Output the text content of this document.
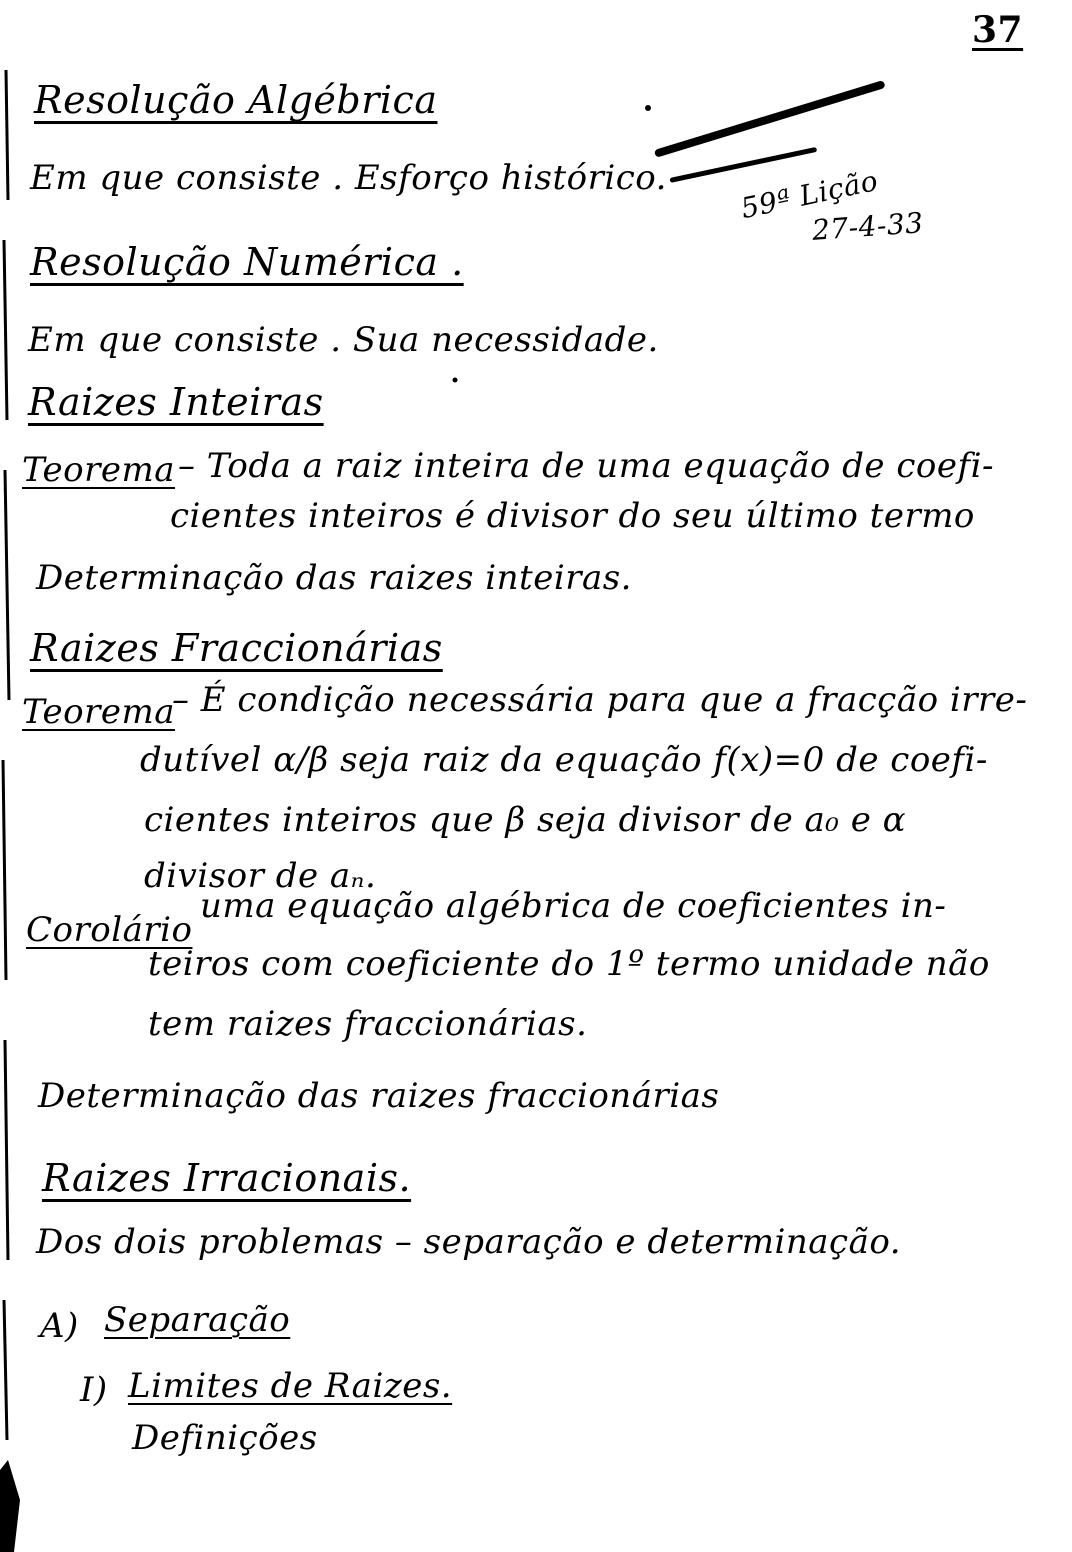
37
Resolução Algébrica
Em que consiste . Esforço histórico.	59ª Lição
27-4-33
Resolução Numérica .
Em que consiste . Sua necessidade.
Raizes Inteiras
Teorema – Toda a raiz inteira de uma equação de coefi-
cientes inteiros é divisor do seu último termo
Determinação das raizes inteiras.
Raizes Fraccionárias
Teorema
– É condição necessária para que a fracção irre-
dutível α/β seja raiz da equação f(x)=0 de coefi-
cientes inteiros que β seja divisor de a₀ e α
divisor de aₙ.
Corolário
uma equação algébrica de coeficientes in-
teiros com coeficiente do 1º termo unidade não
tem raizes fraccionárias.
Determinação das raizes fraccionárias
Raizes Irracionais.
Dos dois problemas – separação e determinação.
A) Separação
I) Limites de Raizes.
Definições
